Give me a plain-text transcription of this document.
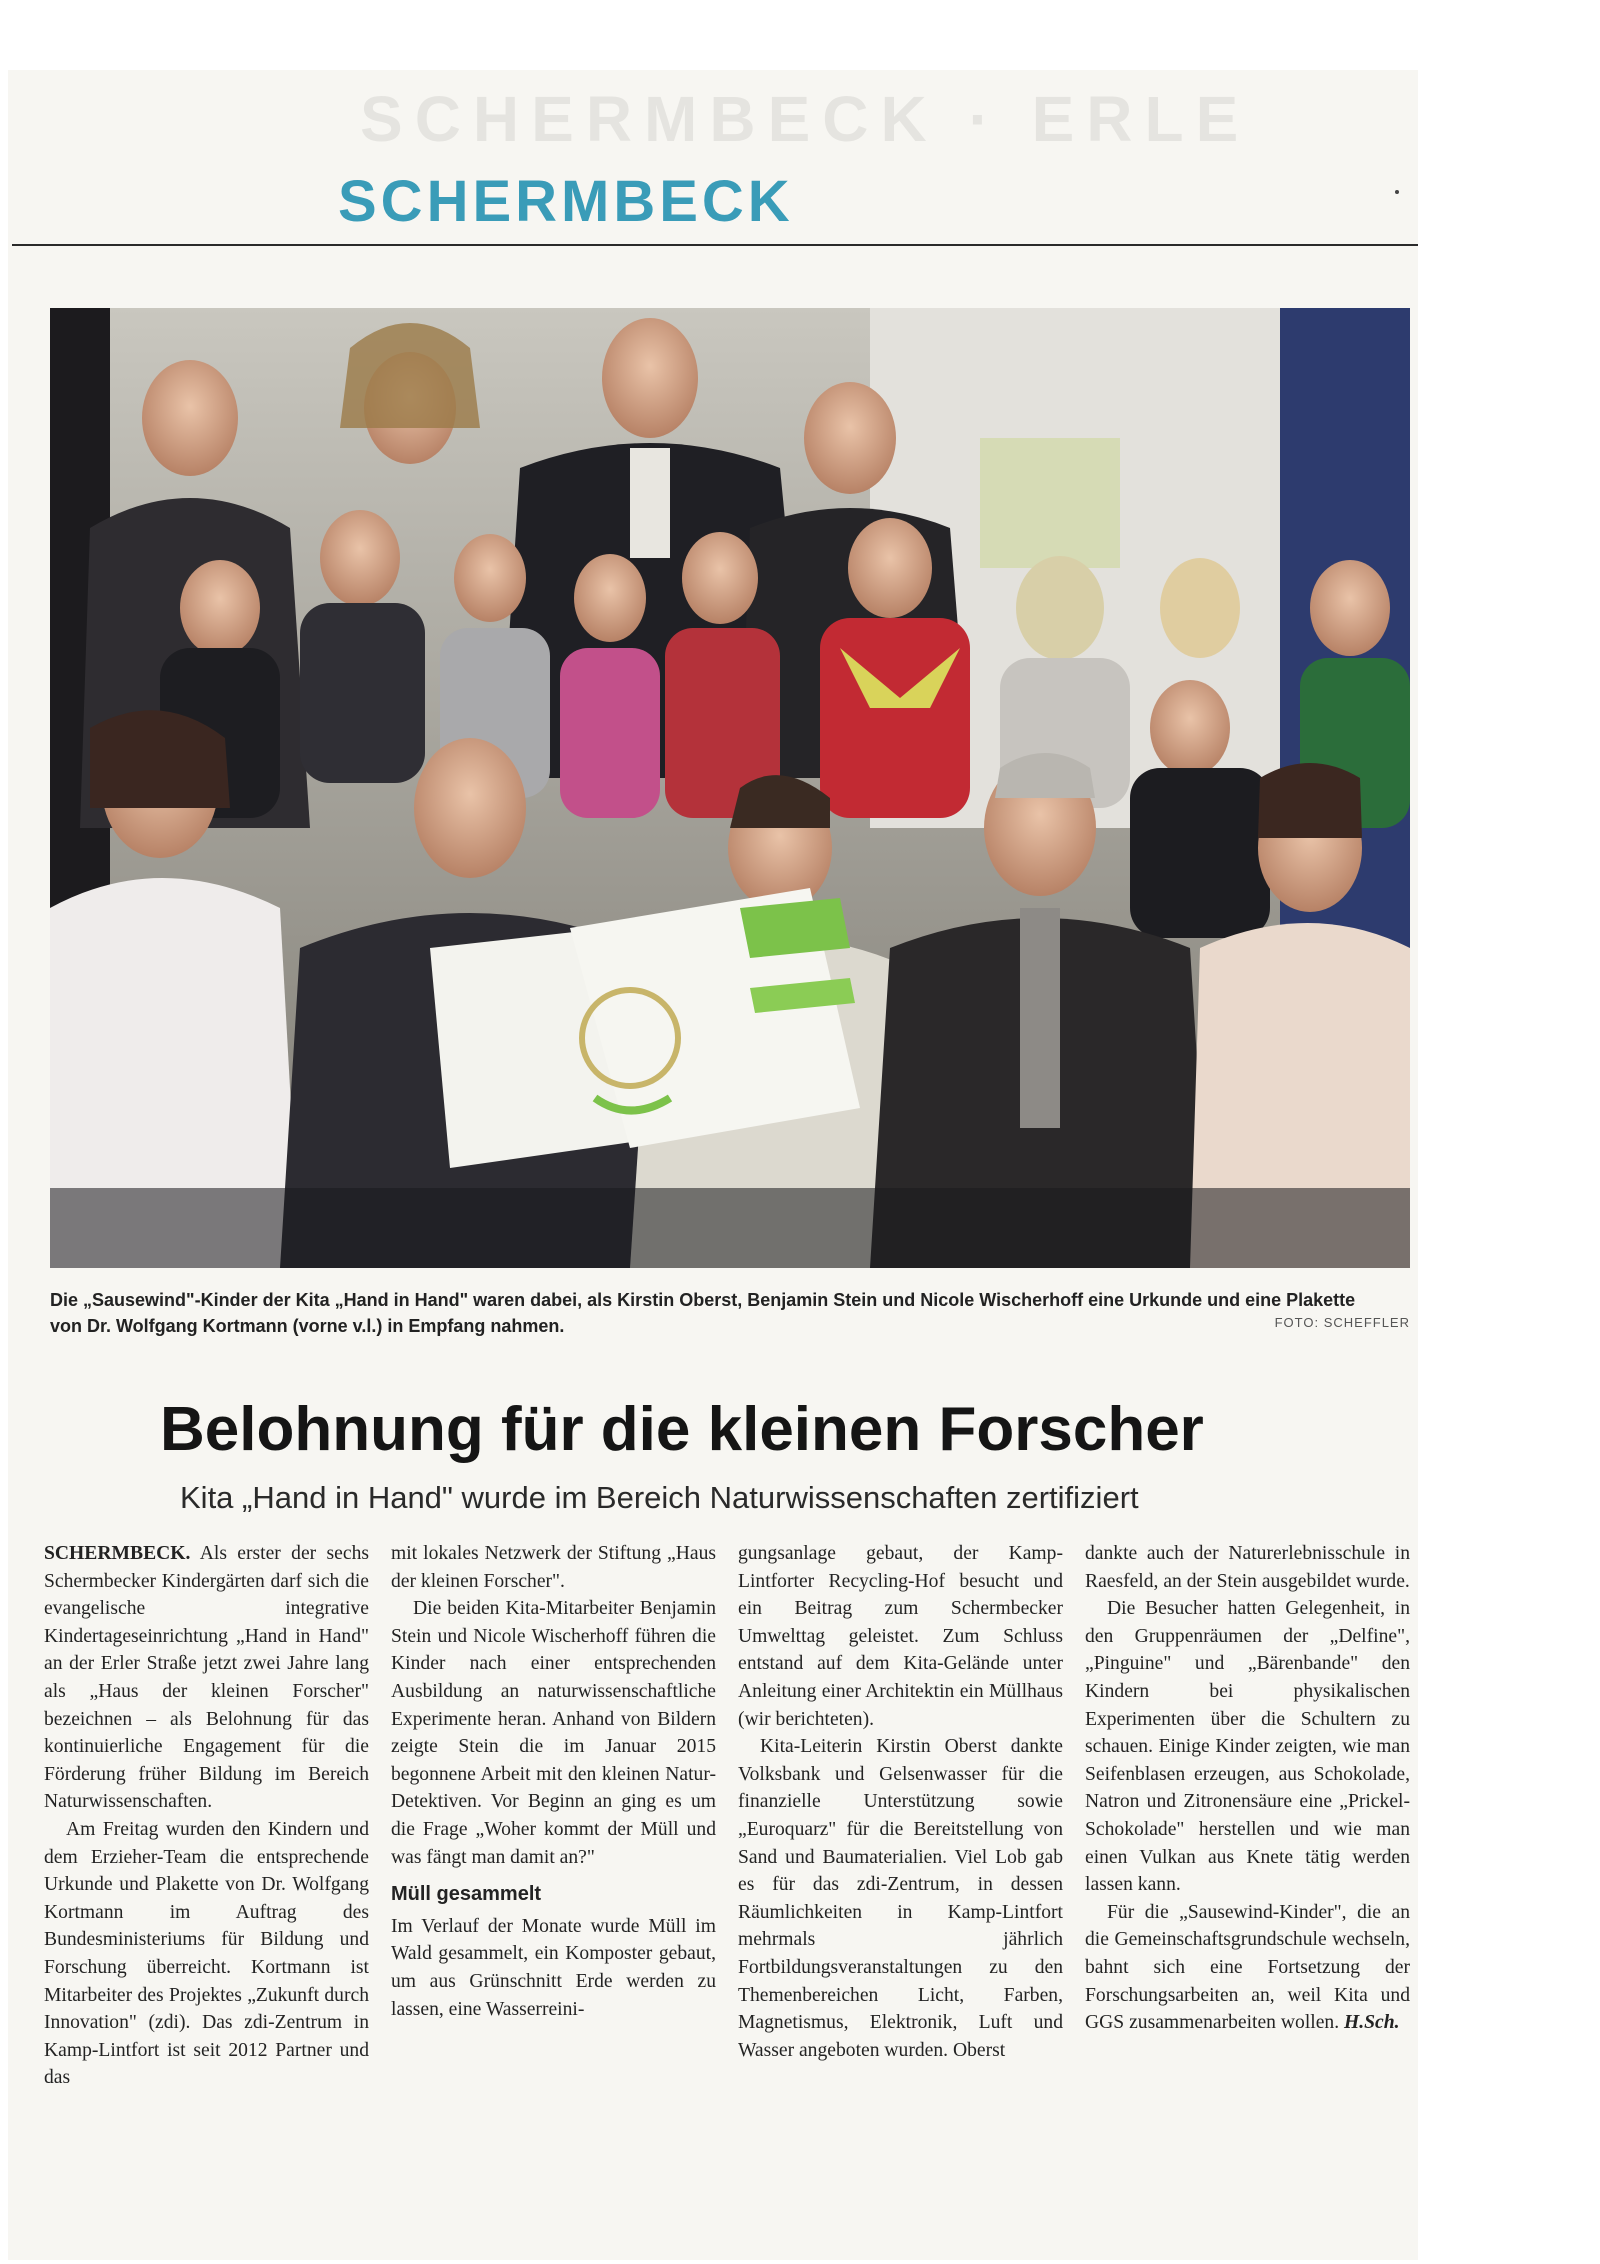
SCHERMBECK · ERLE
SCHERMBECK

Die „Sausewind"-Kinder der Kita „Hand in Hand" waren dabei, als Kirstin Oberst, Benjamin Stein und Nicole Wischerhoff eine Urkunde und eine Plakette von Dr. Wolfgang Kortmann (vorne v.l.) in Empfang nahmen.	FOTO: SCHEFFLER

Belohnung für die kleinen Forscher

Kita „Hand in Hand" wurde im Bereich Naturwissenschaften zertifiziert

SCHERMBECK. Als erster der sechs Schermbecker Kindergärten darf sich die evangelische integrative Kindertageseinrichtung „Hand in Hand" an der Erler Straße jetzt zwei Jahre lang als „Haus der kleinen Forscher" bezeichnen – als Belohnung für das kontinuierliche Engagement für die Förderung früher Bildung im Bereich Naturwissenschaften.

Am Freitag wurden den Kindern und dem Erzieher-Team die entsprechende Urkunde und Plakette von Dr. Wolfgang Kortmann im Auftrag des Bundesministeriums für Bildung und Forschung überreicht. Kortmann ist Mitarbeiter des Projektes „Zukunft durch Innovation" (zdi). Das zdi-Zentrum in Kamp-Lintfort ist seit 2012 Partner und das

mit lokales Netzwerk der Stiftung „Haus der kleinen Forscher".

Die beiden Kita-Mitarbeiter Benjamin Stein und Nicole Wischerhoff führen die Kinder nach einer entsprechenden Ausbildung an naturwissenschaftliche Experimente heran. Anhand von Bildern zeigte Stein die im Januar 2015 begonnene Arbeit mit den kleinen Natur-Detektiven. Vor Beginn an ging es um die Frage „Woher kommt der Müll und was fängt man damit an?"

Müll gesammelt

Im Verlauf der Monate wurde Müll im Wald gesammelt, ein Komposter gebaut, um aus Grünschnitt Erde werden zu lassen, eine Wasserreini-

gungsanlage gebaut, der Kamp-Lintforter Recycling-Hof besucht und ein Beitrag zum Schermbecker Umwelttag geleistet. Zum Schluss entstand auf dem Kita-Gelände unter Anleitung einer Architektin ein Müllhaus (wir berichteten).

Kita-Leiterin Kirstin Oberst dankte Volksbank und Gelsenwasser für die finanzielle Unterstützung sowie „Euroquarz" für die Bereitstellung von Sand und Baumaterialien. Viel Lob gab es für das zdi-Zentrum, in dessen Räumlichkeiten in Kamp-Lintfort mehrmals jährlich Fortbildungsveranstaltungen zu den Themenbereichen Licht, Farben, Magnetismus, Elektronik, Luft und Wasser angeboten wurden. Oberst

dankte auch der Naturerlebnisschule in Raesfeld, an der Stein ausgebildet wurde.

Die Besucher hatten Gelegenheit, in den Gruppenräumen der „Delfine", „Pinguine" und „Bärenbande" den Kindern bei physikalischen Experimenten über die Schultern zu schauen. Einige Kinder zeigten, wie man Seifenblasen erzeugen, aus Schokolade, Natron und Zitronensäure eine „Prickel-Schokolade" herstellen und wie man einen Vulkan aus Knete tätig werden lassen kann.

Für die „Sausewind-Kinder", die an die Gemeinschaftsgrundschule wechseln, bahnt sich eine Fortsetzung der Forschungsarbeiten an, weil Kita und GGS zusammenarbeiten wollen. H.Sch.
